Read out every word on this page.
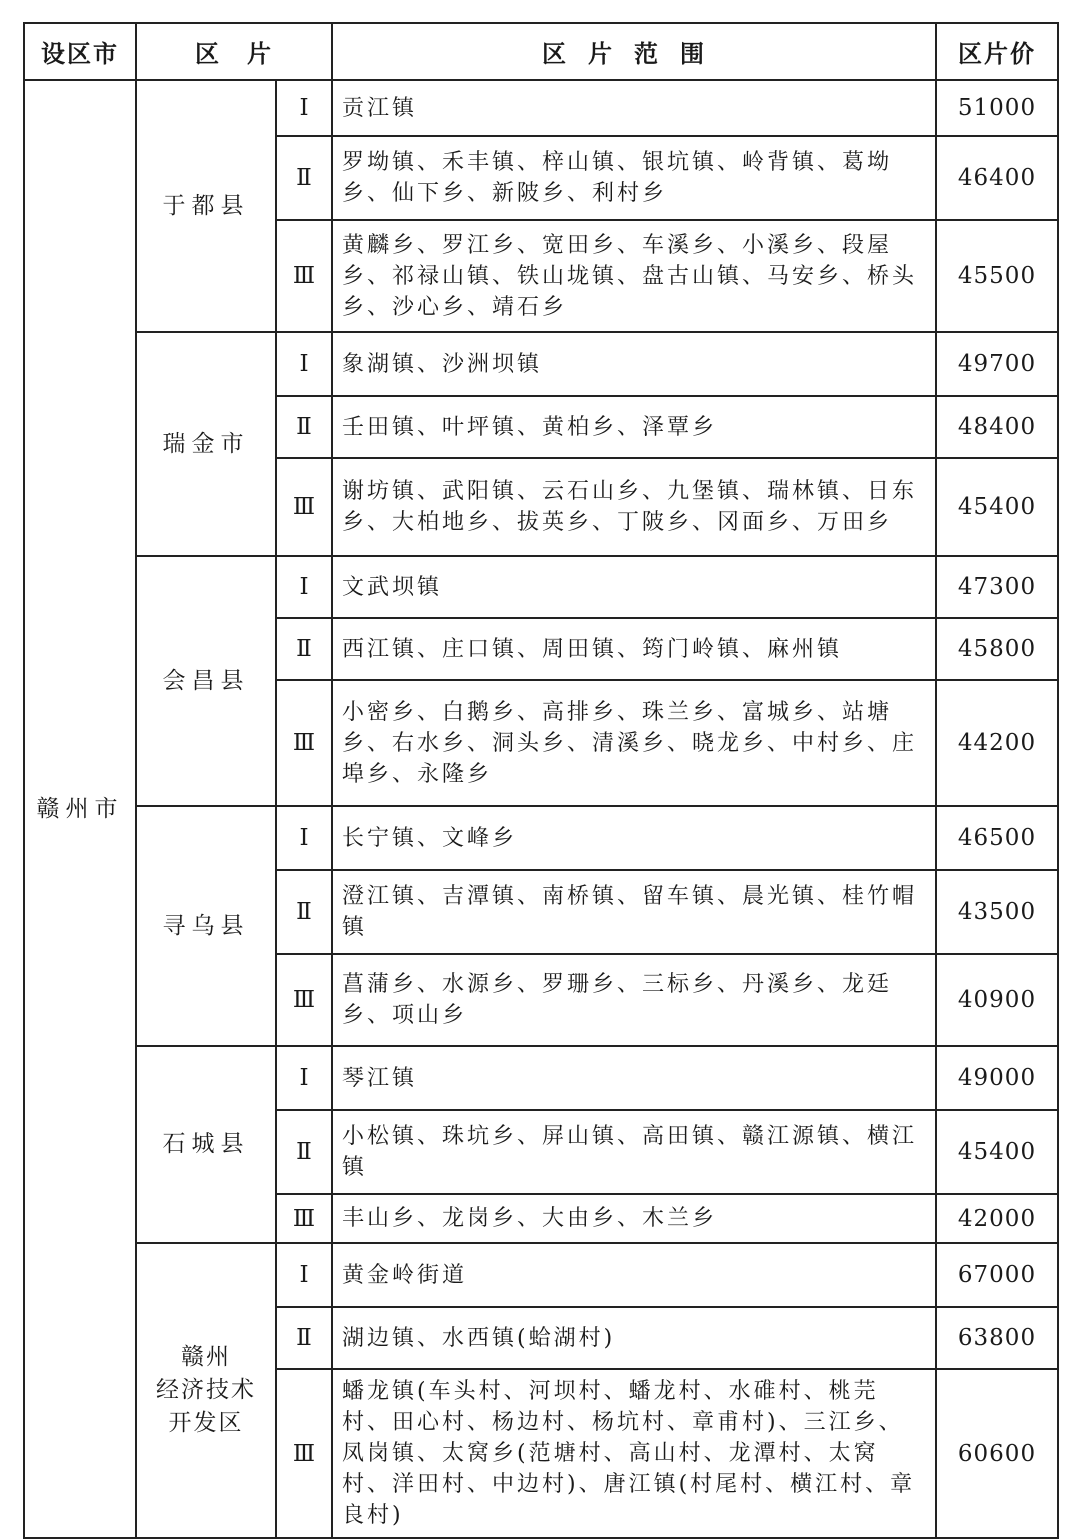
设区市	区　片		区片范围	区片价
赣州市	于都县	Ⅰ	贡江镇	51000
		Ⅱ	罗坳镇、禾丰镇、梓山镇、银坑镇、岭背镇、葛坳乡、仙下乡、新陂乡、利村乡	46400
		Ⅲ	黄麟乡、罗江乡、宽田乡、车溪乡、小溪乡、段屋乡、祁禄山镇、铁山垅镇、盘古山镇、马安乡、桥头乡、沙心乡、靖石乡	45500
	瑞金市	Ⅰ	象湖镇、沙洲坝镇	49700
		Ⅱ	壬田镇、叶坪镇、黄柏乡、泽覃乡	48400
		Ⅲ	谢坊镇、武阳镇、云石山乡、九堡镇、瑞林镇、日东乡、大柏地乡、拔英乡、丁陂乡、冈面乡、万田乡	45400
	会昌县	Ⅰ	文武坝镇	47300
		Ⅱ	西江镇、庄口镇、周田镇、筠门岭镇、麻州镇	45800
		Ⅲ	小密乡、白鹅乡、高排乡、珠兰乡、富城乡、站塘乡、右水乡、洞头乡、清溪乡、晓龙乡、中村乡、庄埠乡、永隆乡	44200
	寻乌县	Ⅰ	长宁镇、文峰乡	46500
		Ⅱ	澄江镇、吉潭镇、南桥镇、留车镇、晨光镇、桂竹帽镇	43500
		Ⅲ	菖蒲乡、水源乡、罗珊乡、三标乡、丹溪乡、龙廷乡、项山乡	40900
	石城县	Ⅰ	琴江镇	49000
		Ⅱ	小松镇、珠坑乡、屏山镇、高田镇、赣江源镇、横江镇	45400
		Ⅲ	丰山乡、龙岗乡、大由乡、木兰乡	42000
	赣州
经济技术
开发区	Ⅰ	黄金岭街道	67000
		Ⅱ	湖边镇、水西镇(蛤湖村)	63800
		Ⅲ	蟠龙镇(车头村、河坝村、蟠龙村、水碓村、桃芫村、田心村、杨边村、杨坑村、章甫村)、三江乡、凤岗镇、太窝乡(范塘村、高山村、龙潭村、太窝村、洋田村、中边村)、唐江镇(村尾村、横江村、章良村)	60600
